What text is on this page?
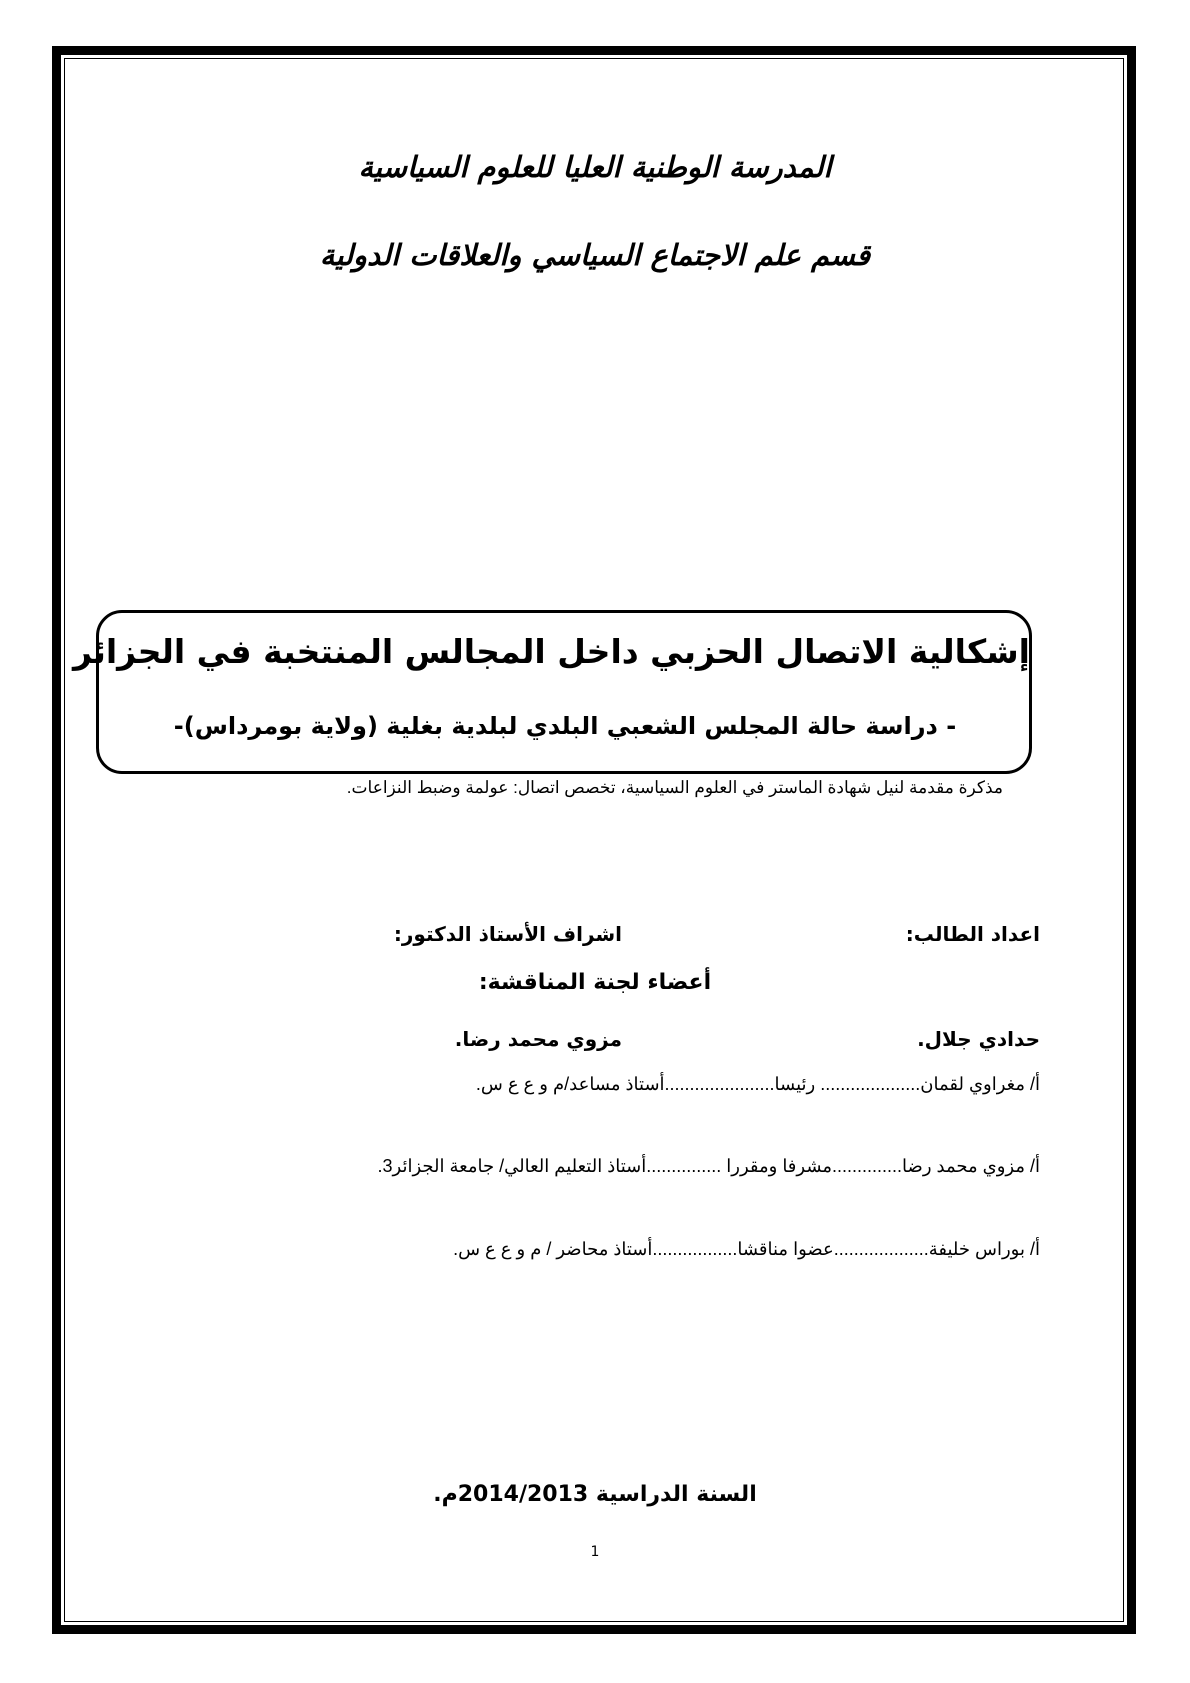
المدرسة الوطنية العليا للعلوم السياسية
قسم علم الاجتماع السياسي والعلاقات الدولية
إشكالية الاتصال الحزبي داخل المجالس المنتخبة في الجزائر
- دراسة حالة المجلس الشعبي البلدي لبلدية بغلية (ولاية بومرداس)-
مذكرة مقدمة لنيل شهادة الماستر في العلوم السياسية، تخصص اتصال: عولمة وضبط النزاعات.
اعداد الطالب:
اشراف الأستاذ الدكتور:
حدادي جلال.
مزوي محمد رضا.
أعضاء لجنة المناقشة:
أ/ مغراوي لقمان.................... رئيسا......................أستاذ مساعد/م و ع ع س.
أ/ مزوي محمد رضا..............مشرفا ومقررا ...............أستاذ التعليم العالي/ جامعة الجزائر3.
أ/ بوراس خليفة...................عضوا مناقشا.................أستاذ محاضر / م و ع ع س.
السنة الدراسية 2014/2013م.
1
